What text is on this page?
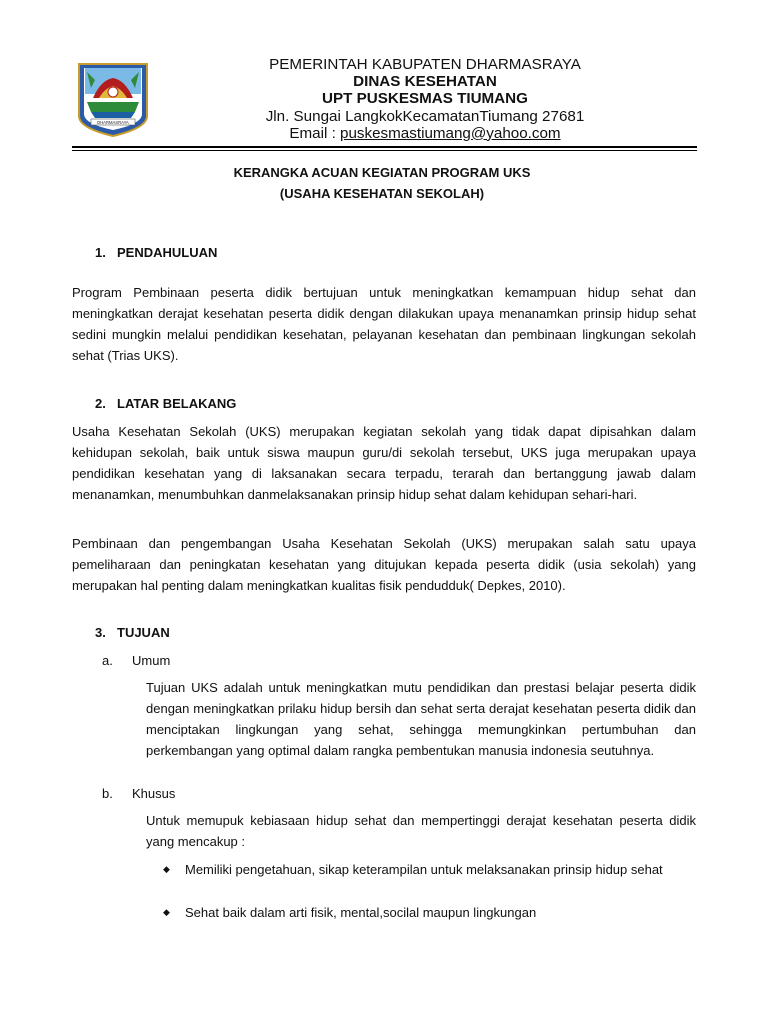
DHARMASRAYA
PEMERINTAH KABUPATEN DHARMASRAYA
DINAS KESEHATAN
UPT PUSKESMAS TIUMANG
Jln. Sungai LangkokKecamatanTiumang 27681
Email : puskesmastiumang@yahoo.com
KERANGKA ACUAN KEGIATAN PROGRAM UKS
(USAHA KESEHATAN SEKOLAH)
1. PENDAHULUAN

Program Pembinaan peserta didik bertujuan untuk meningkatkan kemampuan hidup sehat dan meningkatkan derajat kesehatan peserta didik dengan dilakukan upaya menanamkan prinsip hidup sehat sedini mungkin melalui pendidikan kesehatan, pelayanan kesehatan dan pembinaan lingkungan sekolah sehat (Trias UKS).

2. LATAR BELAKANG

Usaha Kesehatan Sekolah (UKS) merupakan kegiatan sekolah yang tidak dapat dipisahkan dalam kehidupan sekolah, baik untuk siswa maupun guru/di sekolah tersebut, UKS juga merupakan upaya pendidikan kesehatan yang di laksanakan secara terpadu, terarah dan bertanggung jawab dalam menanamkan, menumbuhkan danmelaksanakan prinsip hidup sehat dalam kehidupan sehari-hari.

Pembinaan dan pengembangan Usaha Kesehatan Sekolah (UKS) merupakan salah satu upaya pemeliharaan dan peningkatan kesehatan yang ditujukan kepada peserta didik (usia sekolah) yang merupakan hal penting dalam meningkatkan kualitas fisik pendudduk( Depkes, 2010).

3. TUJUAN
a. Umum

Tujuan UKS adalah untuk meningkatkan mutu pendidikan dan prestasi belajar peserta didik dengan meningkatkan prilaku hidup bersih dan sehat serta derajat kesehatan peserta didik dan menciptakan lingkungan yang sehat, sehingga memungkinkan pertumbuhan dan perkembangan yang optimal dalam rangka pembentukan manusia indonesia seutuhnya.

b. Khusus

Untuk memupuk kebiasaan hidup sehat dan mempertinggi derajat kesehatan peserta didik yang mencakup :

◆ Memiliki pengetahuan, sikap keterampilan untuk melaksanakan prinsip hidup sehat
◆ Sehat baik dalam arti fisik, mental,socilal maupun lingkungan
